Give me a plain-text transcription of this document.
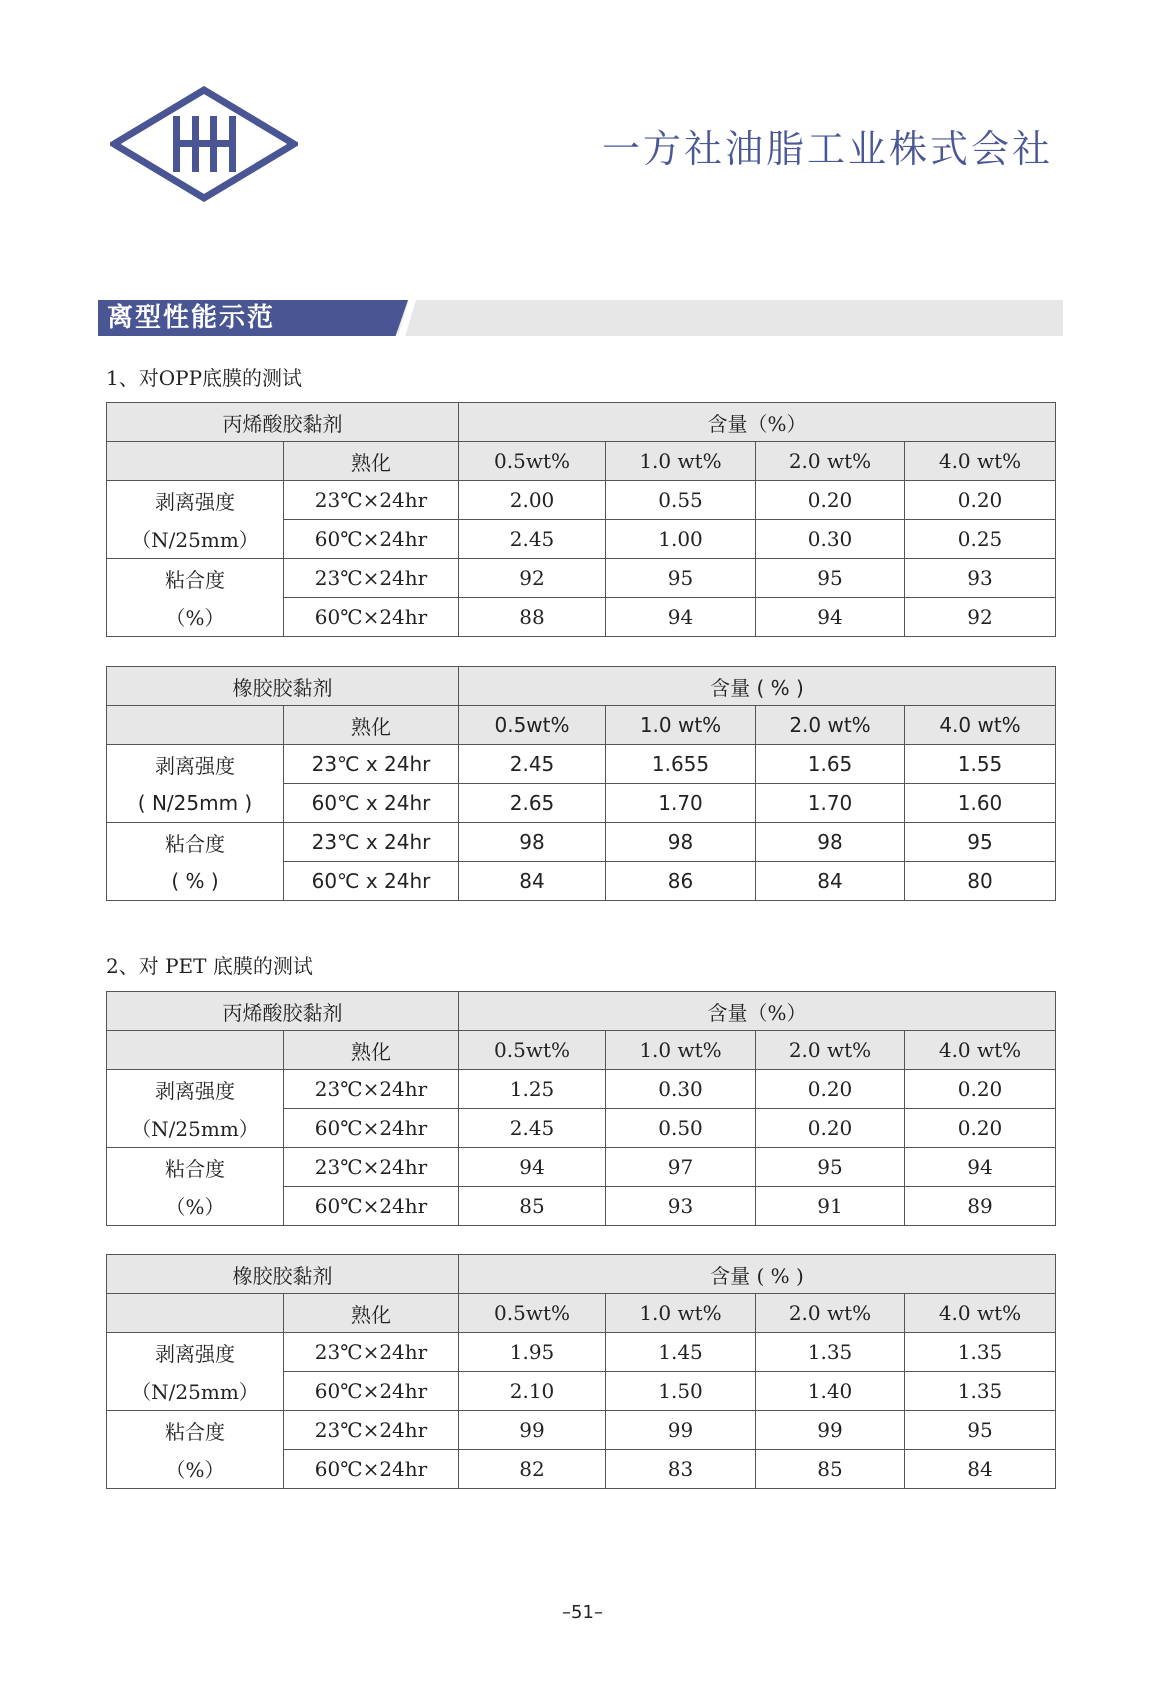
一方社油脂工业株式会社
离型性能示范
1、对OPP底膜的测试
丙烯酸胶黏剂		含量（%）			
	熟化	0.5wt%	1.0 wt%	2.0 wt%	4.0 wt%
剥离强度	23℃×24hr	2.00	0.55	0.20	0.20
（N/25mm）	60℃×24hr	2.45	1.00	0.30	0.25
粘合度	23℃×24hr	92	95	95	93
（%）	60℃×24hr	88	94	94	92
橡胶胶黏剂		含量 ( % )			
	熟化	0.5wt%	1.0 wt%	2.0 wt%	4.0 wt%
剥离强度	23℃ x 24hr	2.45	1.655	1.65	1.55
( N/25mm )	60℃ x 24hr	2.65	1.70	1.70	1.60
粘合度	23℃ x 24hr	98	98	98	95
( % )	60℃ x 24hr	84	86	84	80
2、对 PET 底膜的测试
丙烯酸胶黏剂		含量（%）			
	熟化	0.5wt%	1.0 wt%	2.0 wt%	4.0 wt%
剥离强度	23℃×24hr	1.25	0.30	0.20	0.20
（N/25mm）	60℃×24hr	2.45	0.50	0.20	0.20
粘合度	23℃×24hr	94	97	95	94
（%）	60℃×24hr	85	93	91	89
橡胶胶黏剂		含量 ( % )			
	熟化	0.5wt%	1.0 wt%	2.0 wt%	4.0 wt%
剥离强度	23℃×24hr	1.95	1.45	1.35	1.35
（N/25mm）	60℃×24hr	2.10	1.50	1.40	1.35
粘合度	23℃×24hr	99	99	99	95
（%）	60℃×24hr	82	83	85	84
–51–
